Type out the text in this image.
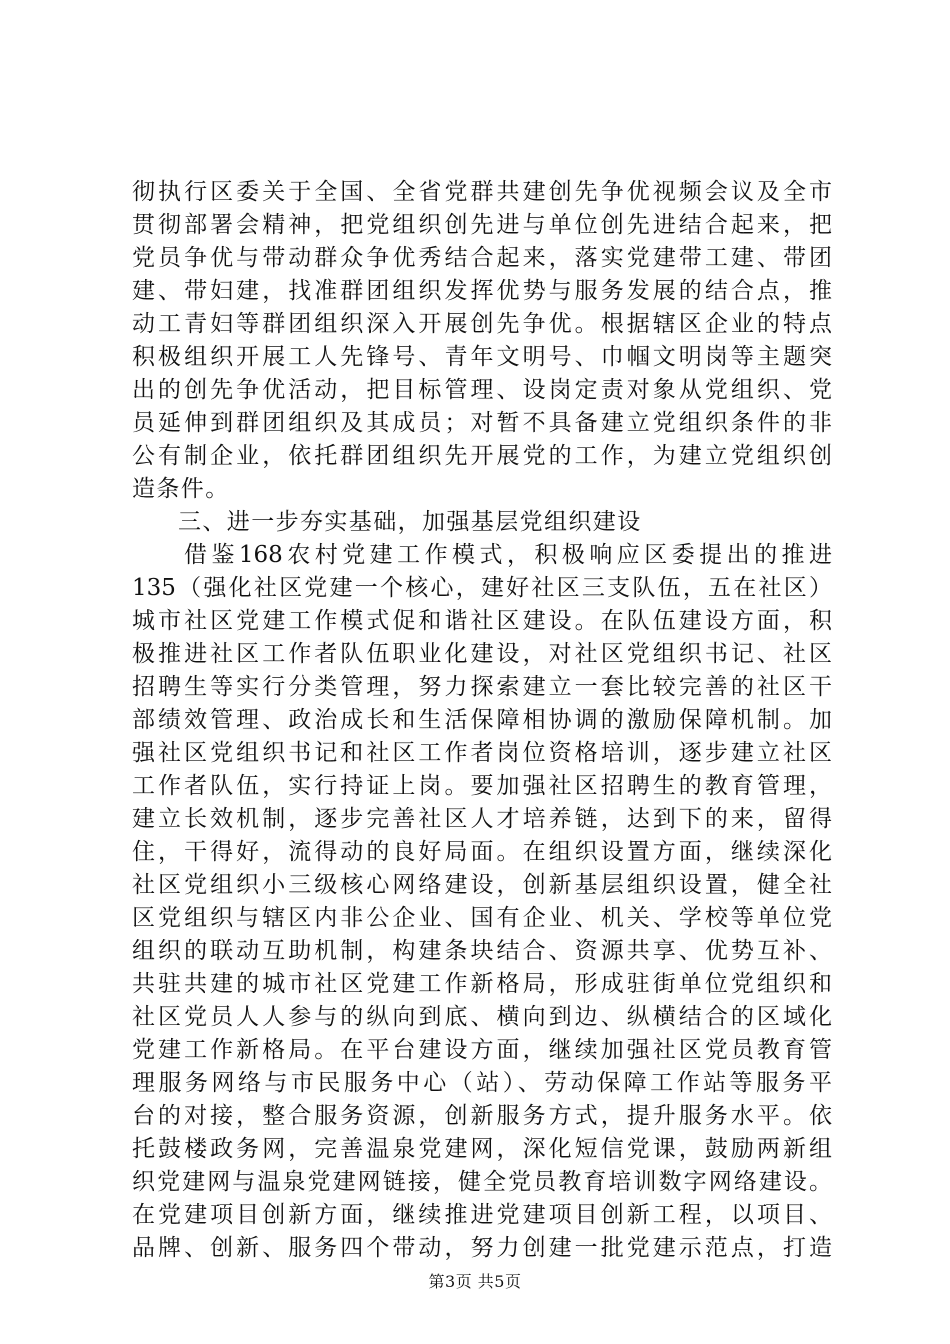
彻执行区委关于全国、全省党群共建创先争优视频会议及全市
贯彻部署会精神，把党组织创先进与单位创先进结合起来，把
党员争优与带动群众争优秀结合起来，落实党建带工建、带团
建、带妇建，找准群团组织发挥优势与服务发展的结合点，推
动工青妇等群团组织深入开展创先争优。根据辖区企业的特点
积极组织开展工人先锋号、青年文明号、巾帼文明岗等主题突
出的创先争优活动，把目标管理、设岗定责对象从党组织、党
员延伸到群团组织及其成员；对暂不具备建立党组织条件的非
公有制企业，依托群团组织先开展党的工作，为建立党组织创
造条件。
三、进一步夯实基础，加强基层党组织建设
借鉴168农村党建工作模式，积极响应区委提出的推进
135（强化社区党建一个核心，建好社区三支队伍，五在社区）
城市社区党建工作模式促和谐社区建设。在队伍建设方面，积
极推进社区工作者队伍职业化建设，对社区党组织书记、社区
招聘生等实行分类管理，努力探索建立一套比较完善的社区干
部绩效管理、政治成长和生活保障相协调的激励保障机制。加
强社区党组织书记和社区工作者岗位资格培训，逐步建立社区
工作者队伍，实行持证上岗。要加强社区招聘生的教育管理，
建立长效机制，逐步完善社区人才培养链，达到下的来，留得
住，干得好，流得动的良好局面。在组织设置方面，继续深化
社区党组织小三级核心网络建设，创新基层组织设置，健全社
区党组织与辖区内非公企业、国有企业、机关、学校等单位党
组织的联动互助机制，构建条块结合、资源共享、优势互补、
共驻共建的城市社区党建工作新格局，形成驻街单位党组织和
社区党员人人参与的纵向到底、横向到边、纵横结合的区域化
党建工作新格局。在平台建设方面，继续加强社区党员教育管
理服务网络与市民服务中心（站）、劳动保障工作站等服务平
台的对接，整合服务资源，创新服务方式，提升服务水平。依
托鼓楼政务网，完善温泉党建网，深化短信党课，鼓励两新组
织党建网与温泉党建网链接，健全党员教育培训数字网络建设。
在党建项目创新方面，继续推进党建项目创新工程，以项目、
品牌、创新、服务四个带动，努力创建一批党建示范点，打造
第3页 共5页
